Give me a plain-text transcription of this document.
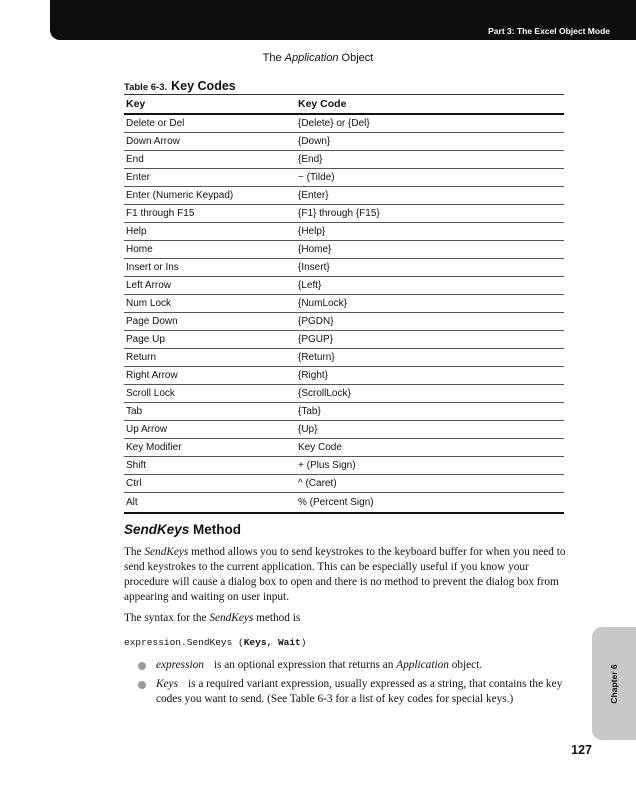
Part 3: The Excel Object Mode
The Application Object
Table 6-3. Key Codes
Key	Key Code
Delete or Del	{Delete} or {Del}
Down Arrow	{Down}
End	{End}
Enter	~ (Tilde)
Enter (Numeric Keypad)	{Enter}
F1 through F15	{F1} through {F15}
Help	{Help}
Home	{Home}
Insert or Ins	{Insert}
Left Arrow	{Left}
Num Lock	{NumLock}
Page Down	{PGDN}
Page Up	{PGUP}
Return	{Return}
Right Arrow	{Right}
Scroll Lock	{ScrollLock}
Tab	{Tab}
Up Arrow	{Up}
Key Modifier	Key Code
Shift	+ (Plus Sign)
Ctrl	^ (Caret)
Alt	% (Percent Sign)
SendKeys Method

The SendKeys method allows you to send keystrokes to the keyboard buffer for when you need to send keystrokes to the current application. This can be especially useful if you know your procedure will cause a dialog box to open and there is no method to prevent the dialog box from appearing and waiting on user input.

The syntax for the SendKeys method is

expression.SendKeys (Keys, Wait)
expression is an optional expression that returns an Application object.
Keys is a required variant expression, usually expressed as a string, that contains the key codes you want to send. (See Table 6-3 for a list of key codes for special keys.)	Chapter 6
127
